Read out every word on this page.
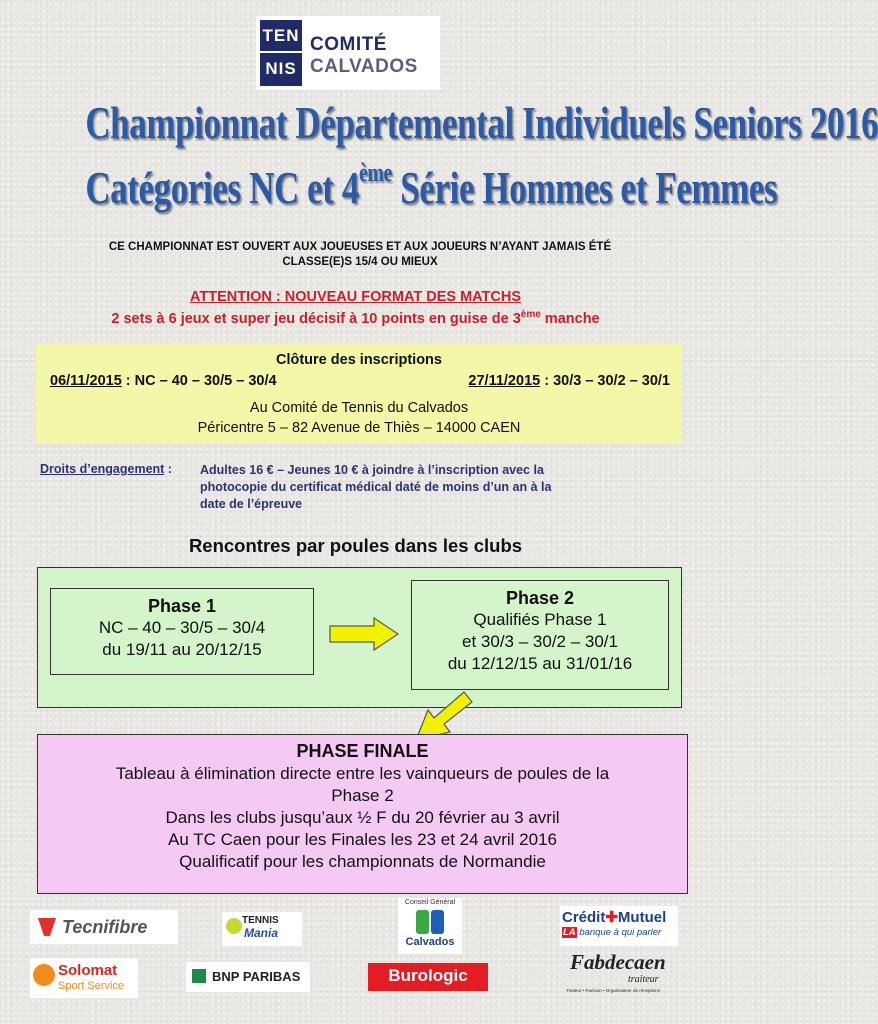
TEN
NIS
COMITÉ
CALVADOS
Championnat Départemental Individuels Seniors 2016
Catégories NC et 4ème Série Hommes et Femmes
CE CHAMPIONNAT EST OUVERT AUX JOUEUSES ET AUX JOUEURS N’AYANT JAMAIS ÉTÉ
CLASSE(E)S 15/4 OU MIEUX
ATTENTION : NOUVEAU FORMAT DES MATCHS
2 sets à 6 jeux et super jeu décisif à 10 points en guise de 3ème manche
Clôture des inscriptions
06/11/2015 : NC – 40 – 30/5 – 30/4	27/11/2015 : 30/3 – 30/2 – 30/1
Au Comité de Tennis du Calvados
Péricentre 5 – 82 Avenue de Thiès – 14000 CAEN
Droits d’engagement : Adultes 16 € – Jeunes 10 € à joindre à l’inscription avec la
photocopie du certificat médical daté de moins d’un an à la
date de l’épreuve
Rencontres par poules dans les clubs
Phase 1
NC – 40 – 30/5 – 30/4
du 19/11 au 20/12/15
Phase 2
Qualifiés Phase 1
et 30/3 – 30/2 – 30/1
du 12/12/15 au 31/01/16
PHASE FINALE
Tableau à élimination directe entre les vainqueurs de poules de la
Phase 2
Dans les clubs jusqu’aux ½ F du 20 février au 3 avril
Au TC Caen pour les Finales les 23 et 24 avril 2016
Qualificatif pour les championnats de Normandie
Tecnifibre	TENNIS
Mania
Conseil Général
Calvados
Crédit✚Mutuel
LA banque à qui parler
Solomat
Sport Service
BNP PARIBAS	Burologic
Fabdecaen
traiteur
Traiteur • Parision • Organisateur de réceptions
